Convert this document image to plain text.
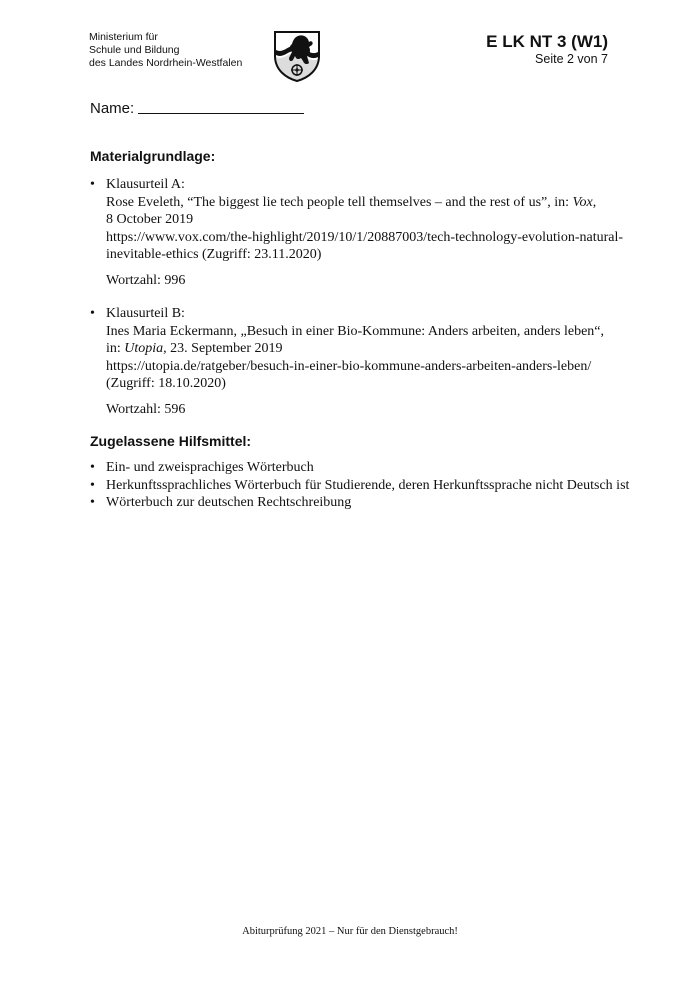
Ministerium für
Schule und Bildung
des Landes Nordrhein-Westfalen
E LK NT 3 (W1)
Seite 2 von 7
Name:
Materialgrundlage:
• Klausurteil A:
Rose Eveleth, “The biggest lie tech people tell themselves – and the rest of us”, in: Vox,
8 October 2019
https://www.vox.com/the-highlight/2019/10/1/20887003/tech-technology-evolution-natural-
inevitable-ethics (Zugriff: 23.11.2020)
Wortzahl: 996
• Klausurteil B:
Ines Maria Eckermann, „Besuch in einer Bio-Kommune: Anders arbeiten, anders leben“,
in: Utopia, 23. September 2019
https://utopia.de/ratgeber/besuch-in-einer-bio-kommune-anders-arbeiten-anders-leben/
(Zugriff: 18.10.2020)
Wortzahl: 596
Zugelassene Hilfsmittel:
• Ein- und zweisprachiges Wörterbuch
• Herkunftssprachliches Wörterbuch für Studierende, deren Herkunftssprache nicht Deutsch ist
• Wörterbuch zur deutschen Rechtschreibung
Abiturprüfung 2021 – Nur für den Dienstgebrauch!
